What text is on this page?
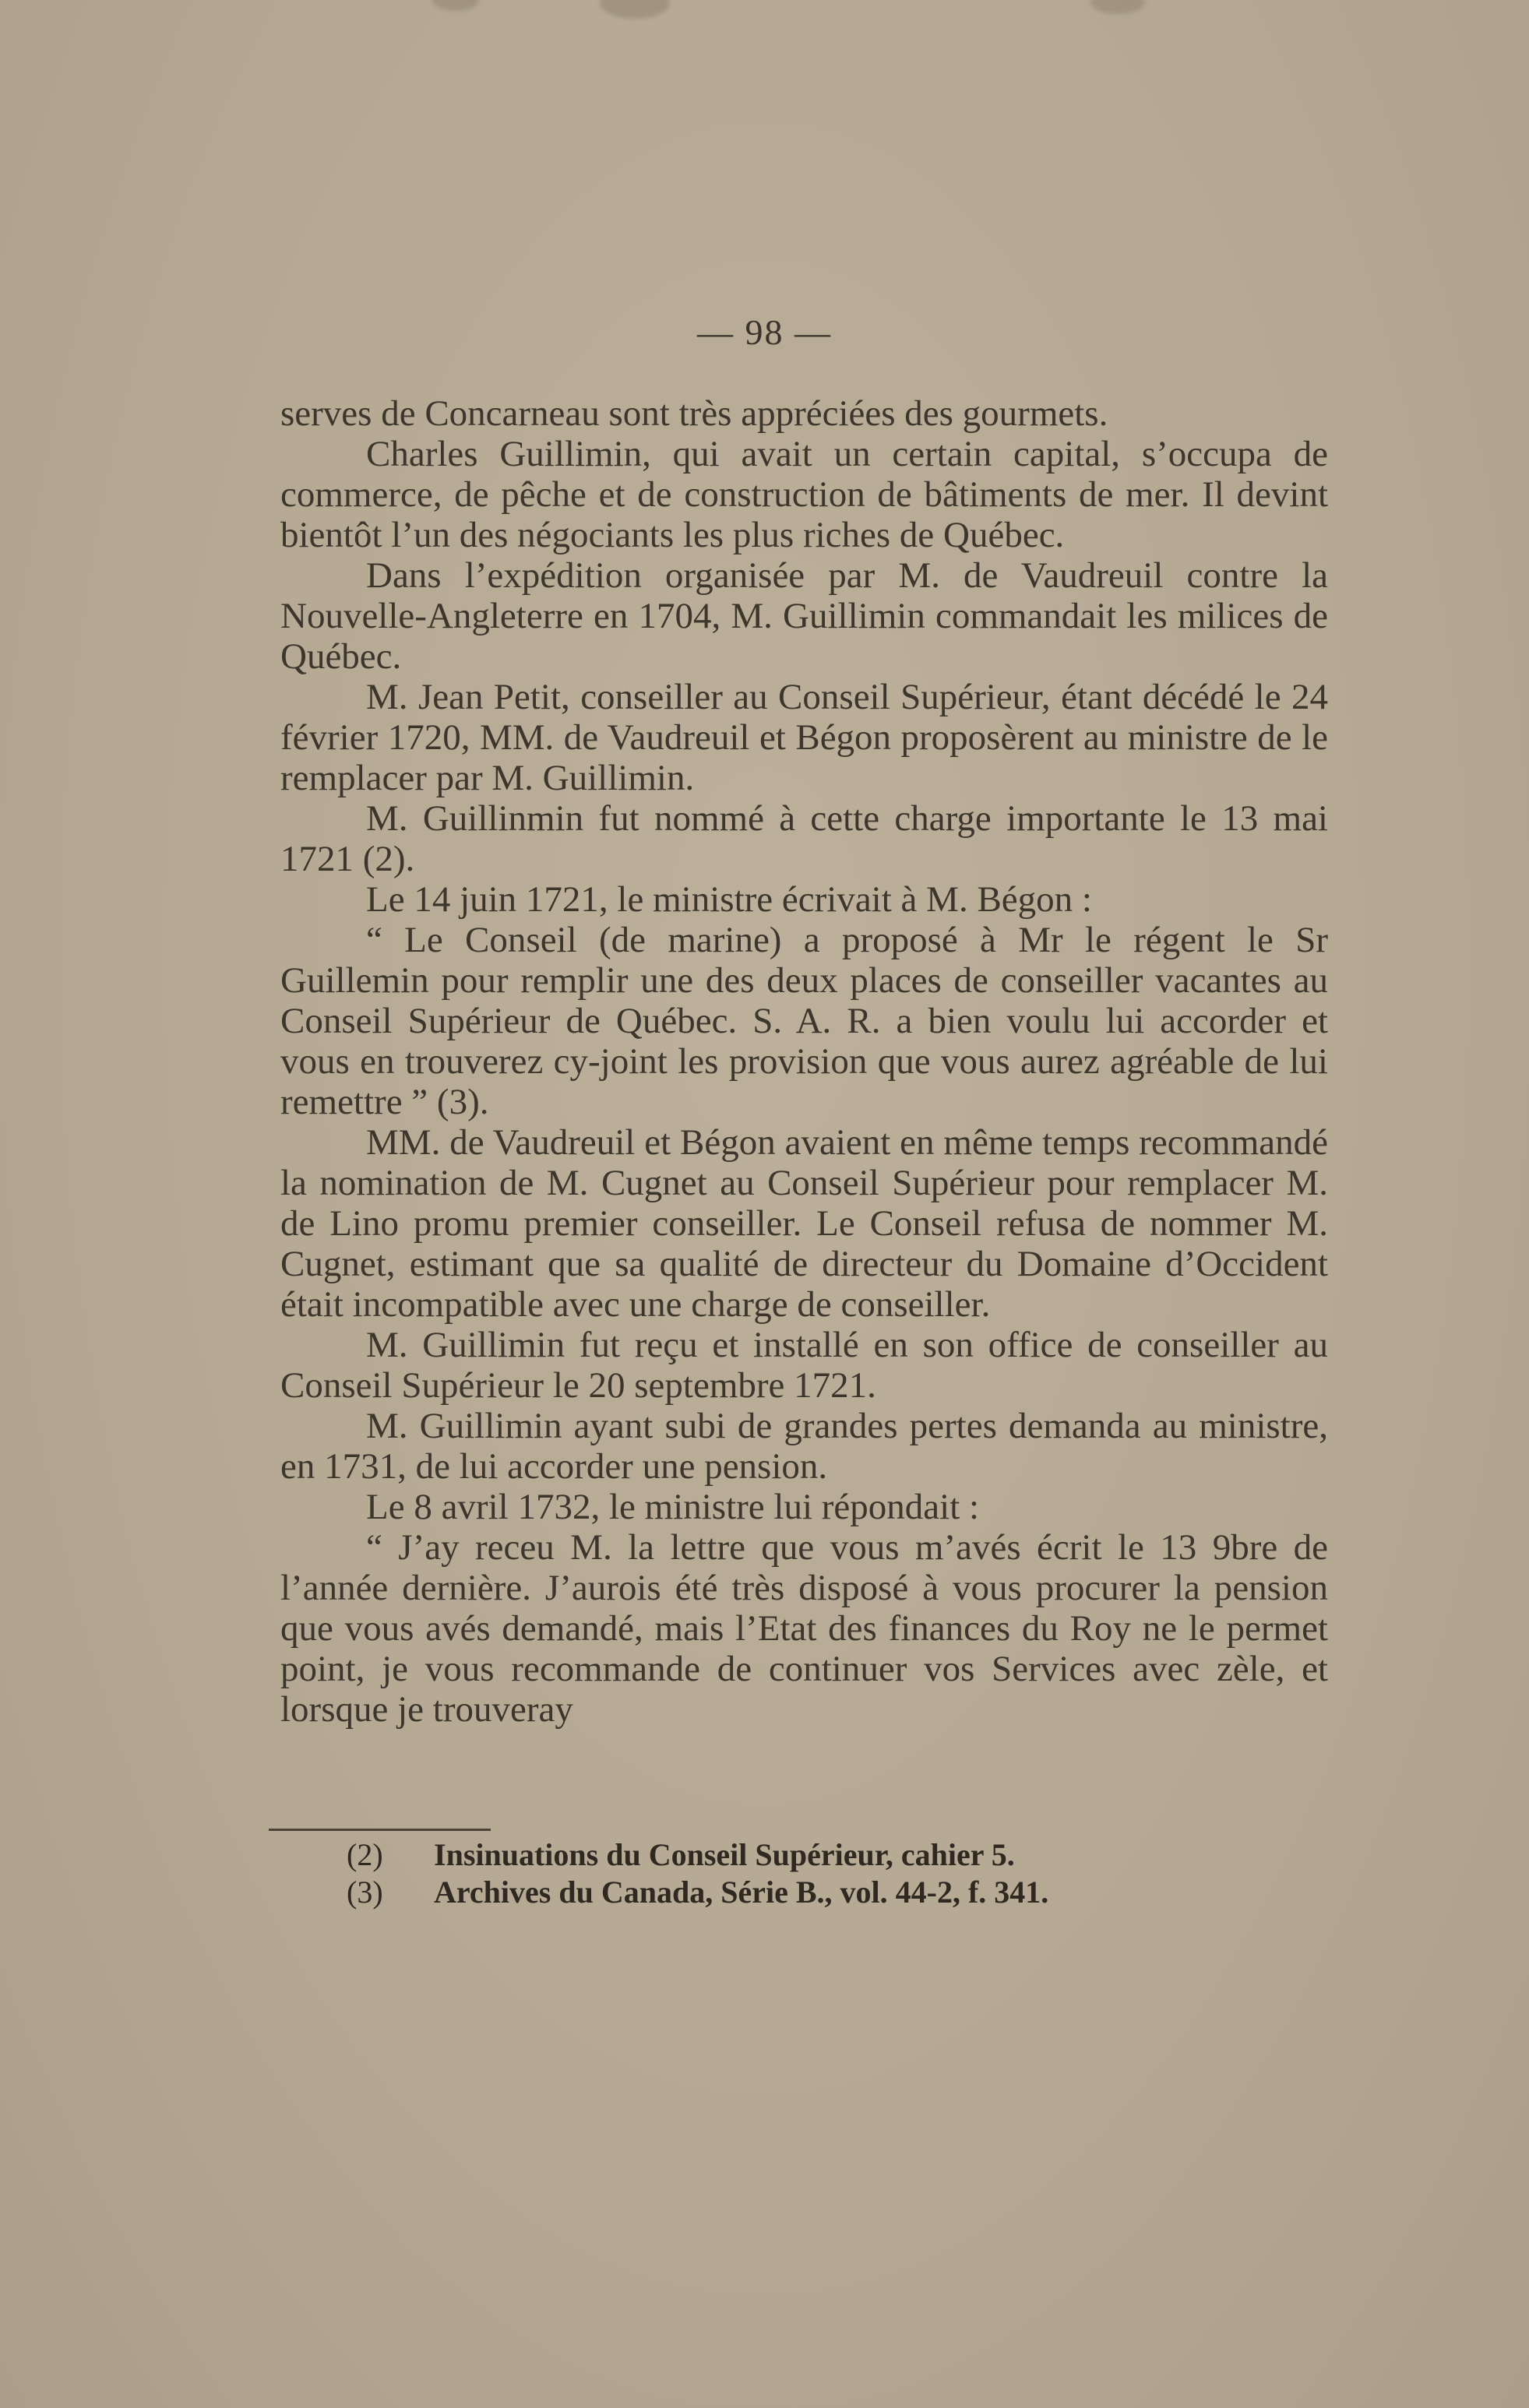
— 98 —

serves de Concarneau sont très appréciées des gourmets.

Charles Guillimin, qui avait un certain capital, s’occupa de commerce, de pêche et de construction de bâtiments de mer. Il devint bientôt l’un des négociants les plus riches de Québec.

Dans l’expédition organisée par M. de Vaudreuil contre la Nouvelle-Angleterre en 1704, M. Guillimin commandait les milices de Québec.

M. Jean Petit, conseiller au Conseil Supérieur, étant décédé le 24 février 1720, MM. de Vaudreuil et Bégon proposèrent au ministre de le remplacer par M. Guillimin.

M. Guillinmin fut nommé à cette charge importante le 13 mai 1721 (2).

Le 14 juin 1721, le ministre écrivait à M. Bégon :

“ Le Conseil (de marine) a proposé à Mr le régent le Sr Guillemin pour remplir une des deux places de conseiller vacantes au Conseil Supérieur de Québec. S. A. R. a bien voulu lui accorder et vous en trouverez cy-joint les provision que vous aurez agréable de lui remettre ” (3).

MM. de Vaudreuil et Bégon avaient en même temps recommandé la nomination de M. Cugnet au Conseil Supérieur pour remplacer M. de Lino promu premier conseiller. Le Conseil refusa de nommer M. Cugnet, estimant que sa qualité de directeur du Domaine d’Occident était incompatible avec une charge de conseiller.

M. Guillimin fut reçu et installé en son office de conseiller au Conseil Supérieur le 20 septembre 1721.

M. Guillimin ayant subi de grandes pertes demanda au ministre, en 1731, de lui accorder une pension.

Le 8 avril 1732, le ministre lui répondait :

“ J’ay receu M. la lettre que vous m’avés écrit le 13 9bre de l’année dernière. J’aurois été très disposé à vous procurer la pension que vous avés demandé, mais l’Etat des finances du Roy ne le permet point, je vous recommande de continuer vos Services avec zèle, et lorsque je trouveray

(2)	Insinuations du Conseil Supérieur, cahier 5.
(3)	Archives du Canada, Série B., vol. 44-2, f. 341.
